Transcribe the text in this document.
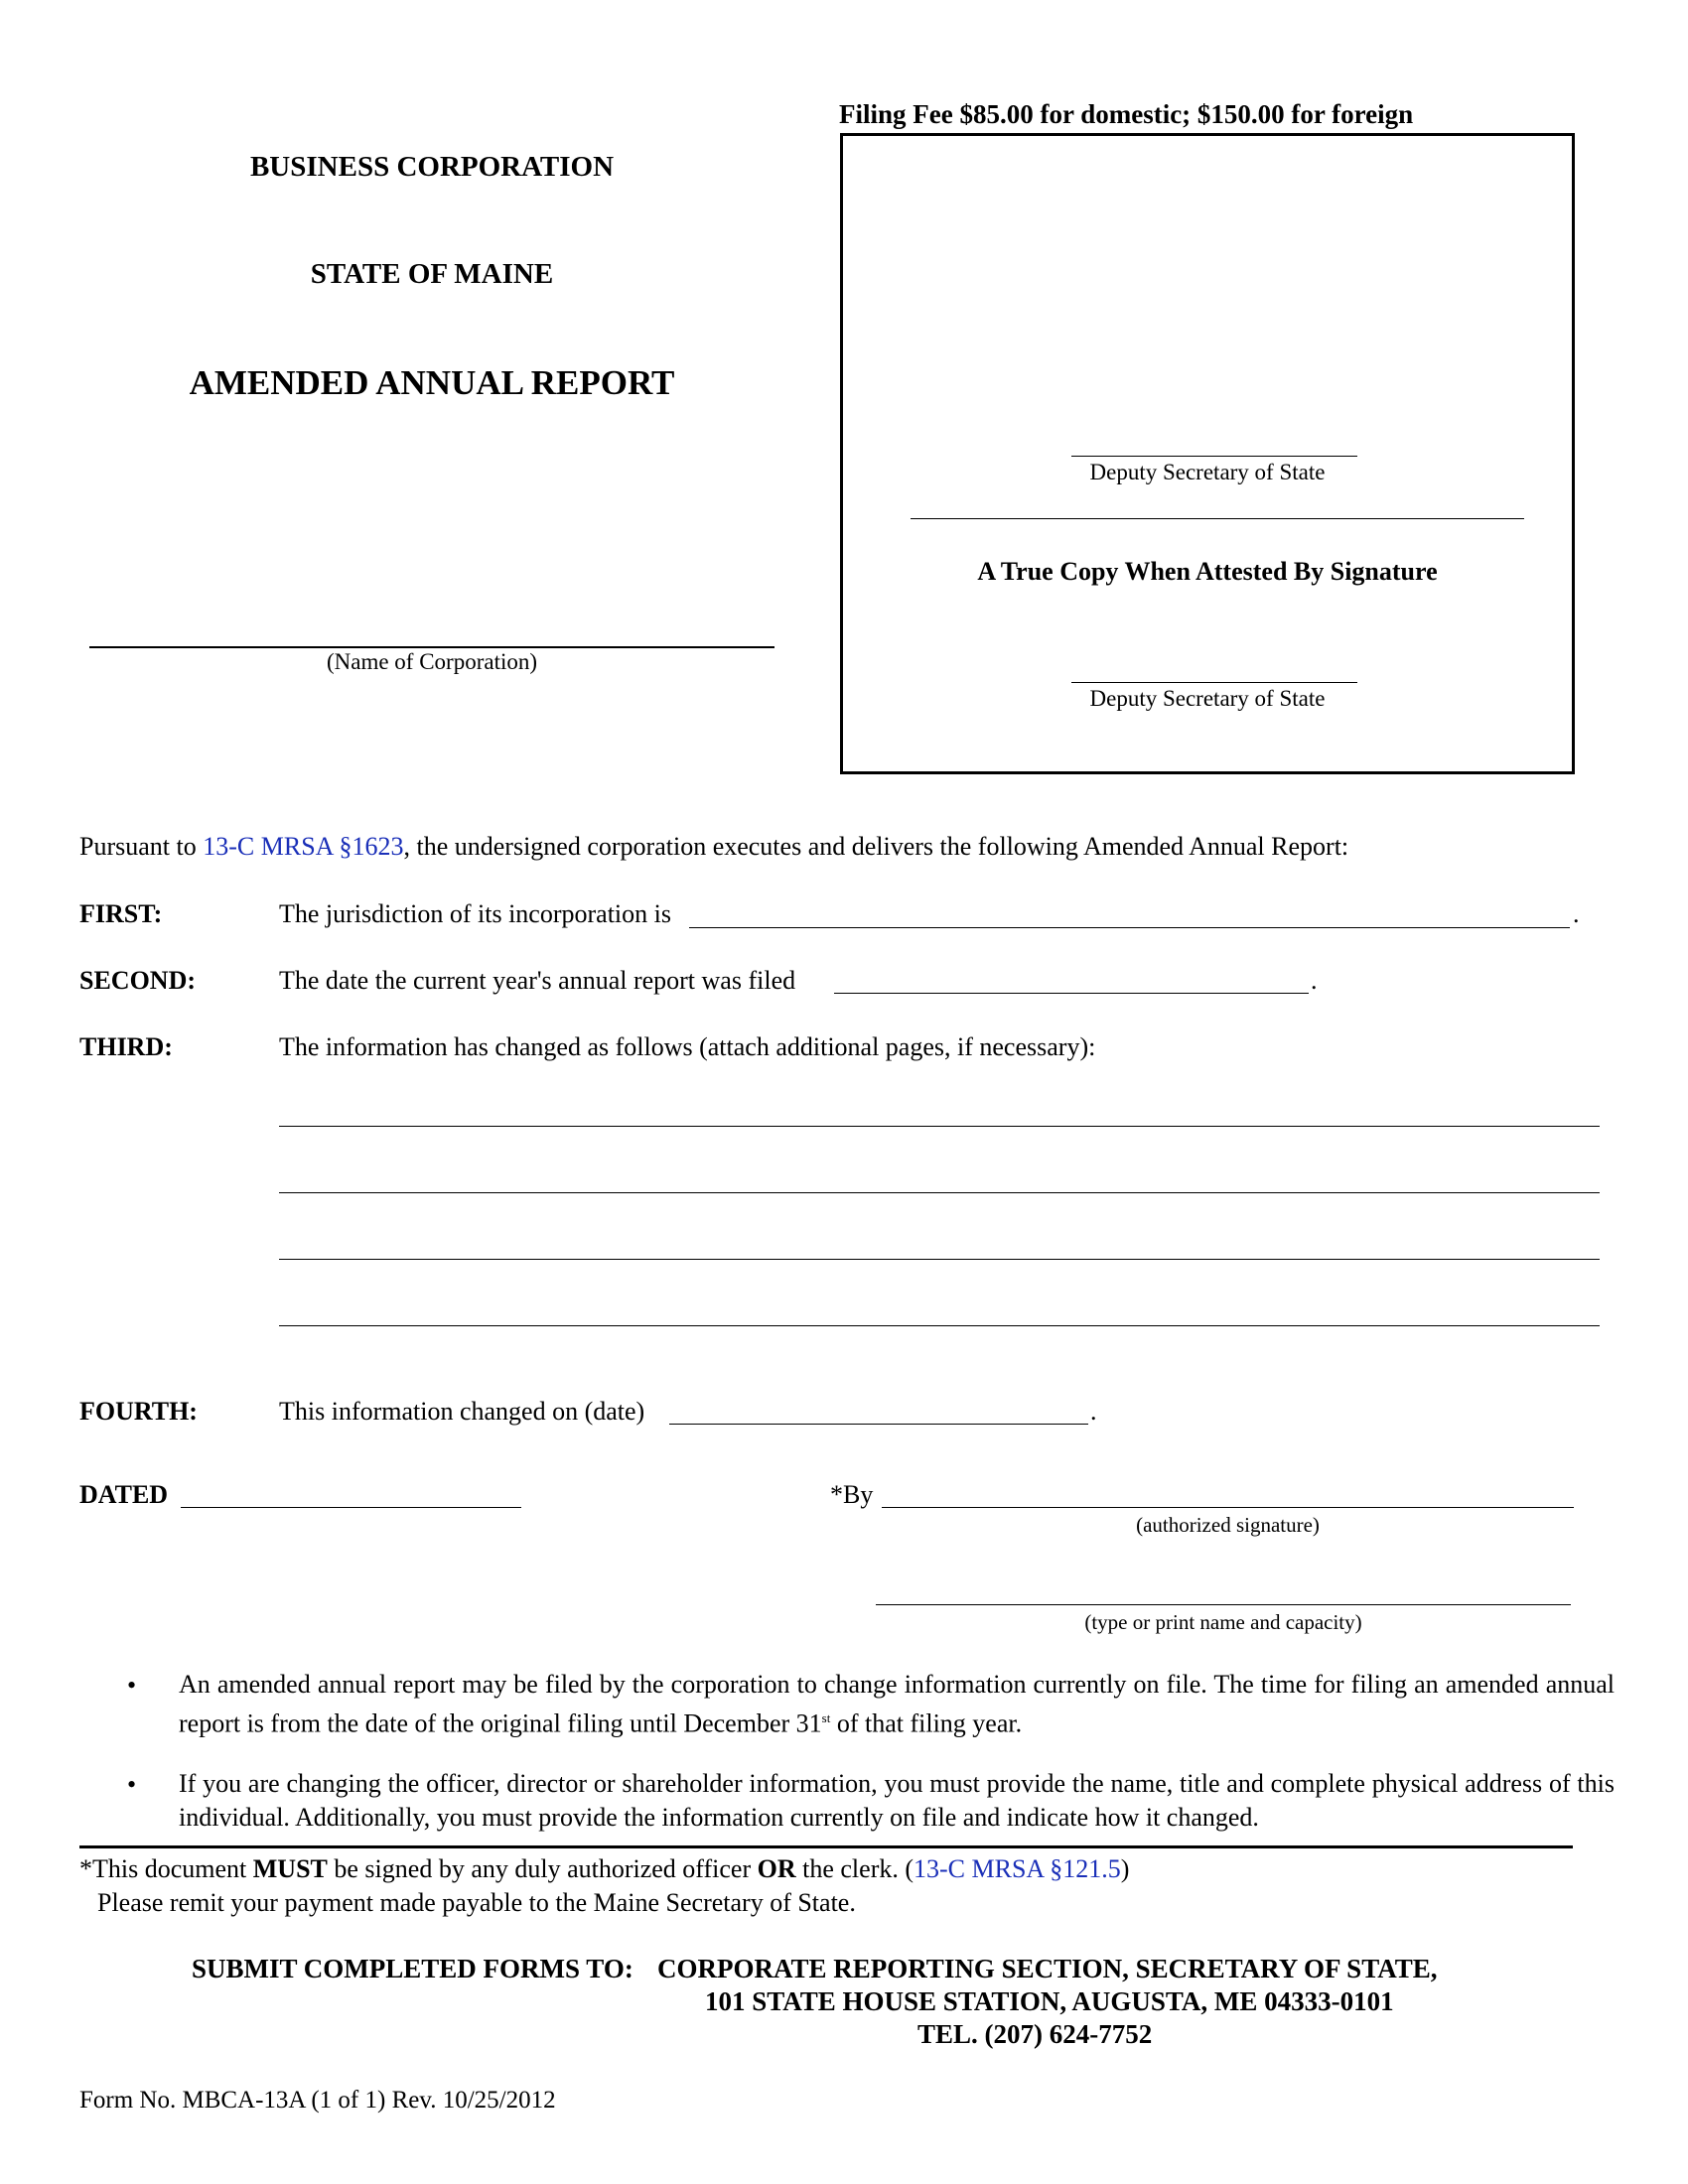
Filing Fee $85.00 for domestic; $150.00 for foreign
BUSINESS CORPORATION
STATE OF MAINE
AMENDED ANNUAL REPORT
(Name of Corporation)
Deputy Secretary of State
A True Copy When Attested By Signature
Deputy Secretary of State
Pursuant to 13-C MRSA §1623, the undersigned corporation executes and delivers the following Amended Annual Report:
FIRST:	The jurisdiction of its incorporation is	.
SECOND:	The date the current year's annual report was filed	.
THIRD:	The information has changed as follows (attach additional pages, if necessary):
FOURTH:	This information changed on (date)	.
DATED	*By
(authorized signature)
(type or print name and capacity)
• An amended annual report may be filed by the corporation to change information currently on file. The time for filing an amended annual report is from the date of the original filing until December 31st of that filing year.
• If you are changing the officer, director or shareholder information, you must provide the name, title and complete physical address of this individual. Additionally, you must provide the information currently on file and indicate how it changed.
*This document MUST be signed by any duly authorized officer OR the clerk. (13-C MRSA §121.5)
Please remit your payment made payable to the Maine Secretary of State.
SUBMIT COMPLETED FORMS TO: CORPORATE REPORTING SECTION, SECRETARY OF STATE,
101 STATE HOUSE STATION, AUGUSTA, ME 04333-0101
TEL. (207) 624-7752
Form No. MBCA-13A (1 of 1) Rev. 10/25/2012
